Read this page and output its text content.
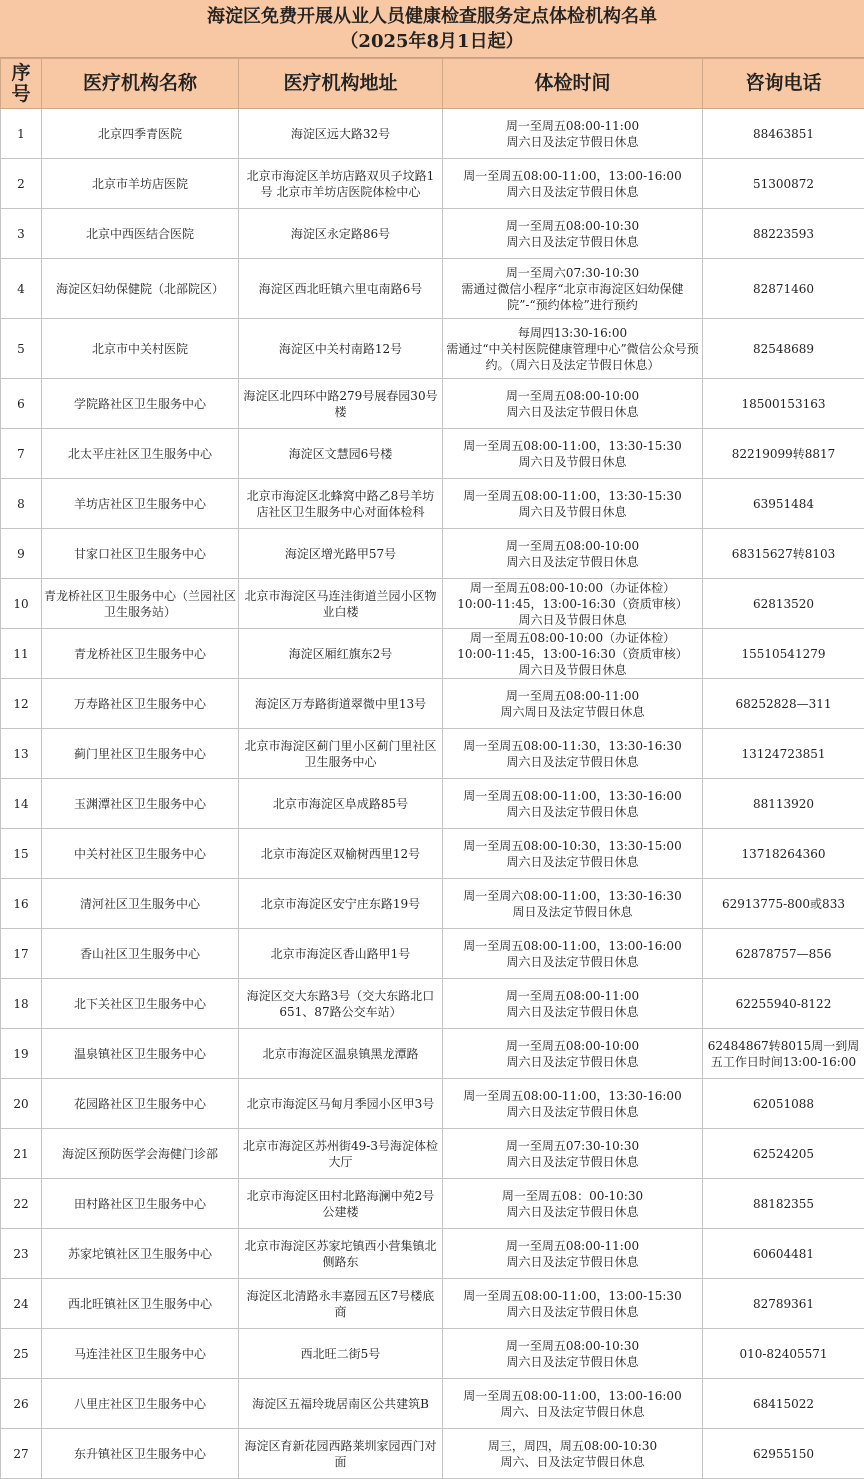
海淀区免费开展从业人员健康检查服务定点体检机构名单
（2025年8月1日起）
序号	医疗机构名称	医疗机构地址	体检时间	咨询电话
1	北京四季青医院	海淀区远大路32号	周一至周五08:00-11:00
周六日及法定节假日休息	88463851
2	北京市羊坊店医院	北京市海淀区羊坊店路双贝子坟路1号 北京市羊坊店医院体检中心	周一至周五08:00-11:00，13:00-16:00
周六日及法定节假日休息	51300872
3	北京中西医结合医院	海淀区永定路86号	周一至周五08:00-10:30
周六日及法定节假日休息	88223593
4	海淀区妇幼保健院（北部院区）	海淀区西北旺镇六里屯南路6号	周一至周六07:30-10:30
需通过微信小程序“北京市海淀区妇幼保健院”-“预约体检”进行预约	82871460
5	北京市中关村医院	海淀区中关村南路12号	每周四13:30-16:00
需通过“中关村医院健康管理中心”微信公众号预约。（周六日及法定节假日休息）	82548689
6	学院路社区卫生服务中心	海淀区北四环中路279号展春园30号楼	周一至周五08:00-10:00
周六日及法定节假日休息	18500153163
7	北太平庄社区卫生服务中心	海淀区文慧园6号楼	周一至周五08:00-11:00，13:30-15:30
周六日及节假日休息	82219099转8817
8	羊坊店社区卫生服务中心	北京市海淀区北蜂窝中路乙8号羊坊店社区卫生服务中心对面体检科	周一至周五08:00-11:00，13:30-15:30
周六日及节假日休息	63951484
9	甘家口社区卫生服务中心	海淀区增光路甲57号	周一至周五08:00-10:00
周六日及法定节假日休息	68315627转8103
10	青龙桥社区卫生服务中心（兰园社区卫生服务站）	北京市海淀区马连洼街道兰园小区物业白楼	周一至周五08:00-10:00（办证体检）
10:00-11:45，13:00-16:30（资质审核）
周六日及节假日休息	62813520
11	青龙桥社区卫生服务中心	海淀区厢红旗东2号	周一至周五08:00-10:00（办证体检）
10:00-11:45，13:00-16:30（资质审核）
周六日及节假日休息	15510541279
12	万寿路社区卫生服务中心	海淀区万寿路街道翠微中里13号	周一至周五08:00-11:00
周六周日及法定节假日休息	68252828—311
13	蓟门里社区卫生服务中心	北京市海淀区蓟门里小区蓟门里社区卫生服务中心	周一至周五08:00-11:30，13:30-16:30
周六日及法定节假日休息	13124723851
14	玉渊潭社区卫生服务中心	北京市海淀区阜成路85号	周一至周五08:00-11:00，13:30-16:00
周六日及法定节假日休息	88113920
15	中关村社区卫生服务中心	北京市海淀区双榆树西里12号	周一至周五08:00-10:30，13:30-15:00
周六日及法定节假日休息	13718264360
16	清河社区卫生服务中心	北京市海淀区安宁庄东路19号	周一至周六08:00-11:00，13:30-16:30
周日及法定节假日休息	62913775-800或833
17	香山社区卫生服务中心	北京市海淀区香山路甲1号	周一至周五08:00-11:00，13:00-16:00
周六日及法定节假日休息	62878757—856
18	北下关社区卫生服务中心	海淀区交大东路3号（交大东路北口 651、87路公交车站）	周一至周五08:00-11:00
周六日及法定节假日休息	62255940-8122
19	温泉镇社区卫生服务中心	北京市海淀区温泉镇黑龙潭路	周一至周五08:00-10:00
周六日及法定节假日休息	62484867转8015周一到周五工作日时间13:00-16:00
20	花园路社区卫生服务中心	北京市海淀区马甸月季园小区甲3号	周一至周五08:00-11:00，13:30-16:00
周六日及法定节假日休息	62051088
21	海淀区预防医学会海健门诊部	北京市海淀区苏州街49-3号海淀体检大厅	周一至周五07:30-10:30
周六日及法定节假日休息	62524205
22	田村路社区卫生服务中心	北京市海淀区田村北路海澜中苑2号公建楼	周一至周五08：00-10:30
周六日及法定节假日休息	88182355
23	苏家坨镇社区卫生服务中心	北京市海淀区苏家坨镇西小营集镇北侧路东	周一至周五08:00-11:00
周六日及法定节假日休息	60604481
24	西北旺镇社区卫生服务中心	海淀区北清路永丰嘉园五区7号楼底商	周一至周五08:00-11:00，13:00-15:30
周六日及法定节假日休息	82789361
25	马连洼社区卫生服务中心	西北旺二街5号	周一至周五08:00-10:30
周六日及法定节假日休息	010-82405571
26	八里庄社区卫生服务中心	海淀区五福玲珑居南区公共建筑B	周一至周五08:00-11:00，13:00-16:00
周六、日及法定节假日休息	68415022
27	东升镇社区卫生服务中心	海淀区育新花园西路莱圳家园西门对面	周三，周四，周五08:00-10:30
周六、日及法定节假日休息	62955150
